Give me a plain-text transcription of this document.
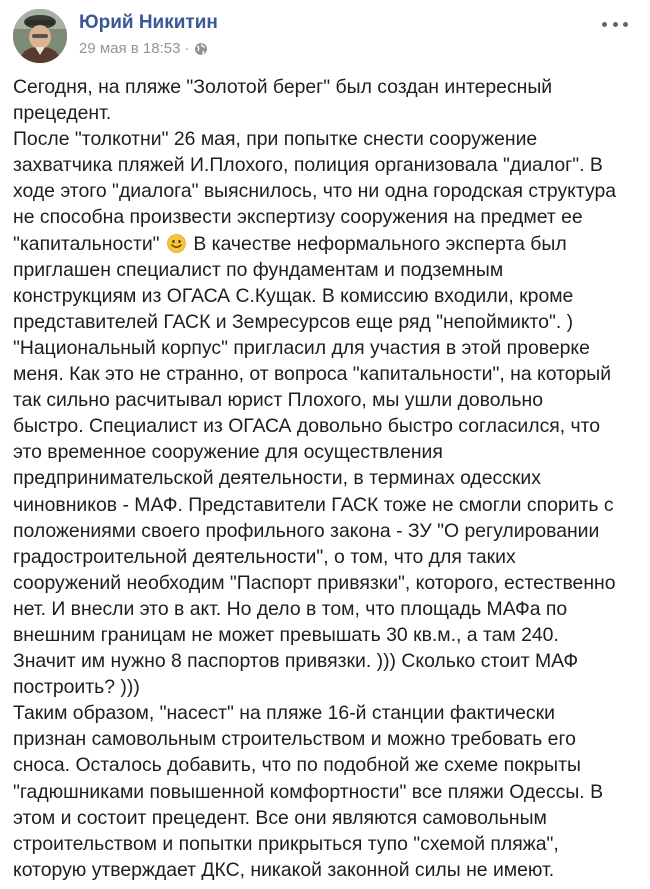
Юрий Никитин
29 мая в 18:53 ·
Сегодня, на пляже "Золотой берег" был создан интересный
прецедент.
После "толкотни" 26 мая, при попытке снести сооружение
захватчика пляжей И.Плохого, полиция организовала "диалог". В
ходе этого "диалога" выяснилось, что ни одна городская структура
не способна произвести экспертизу сооружения на предмет ее
"капитальности" В качестве неформального эксперта был
приглашен специалист по фундаментам и подземным
конструкциям из ОГАСА С.Кущак. В комиссию входили, кроме
представителей ГАСК и Земресурсов еще ряд "непоймикто". )
"Национальный корпус" пригласил для участия в этой проверке
меня. Как это не странно, от вопроса "капитальности", на который
так сильно расчитывал юрист Плохого, мы ушли довольно
быстро. Специалист из ОГАСА довольно быстро согласился, что
это временное сооружение для осуществления
предпринимательской деятельности, в терминах одесских
чиновников - МАФ. Представители ГАСК тоже не смогли спорить с
положениями своего профильного закона - ЗУ "О регулировании
градостроительной деятельности", о том, что для таких
сооружений необходим "Паспорт привязки", которого, естественно
нет. И внесли это в акт. Но дело в том, что площадь МАФа по
внешним границам не может превышать 30 кв.м., а там 240.
Значит им нужно 8 паспортов привязки. ))) Сколько стоит МАФ
построить? )))
Таким образом, "насест" на пляже 16-й станции фактически
признан самовольным строительством и можно требовать его
сноса. Осталось добавить, что по подобной же схеме покрыты
"гадюшниками повышенной комфортности" все пляжи Одессы. В
этом и состоит прецедент. Все они являются самовольным
строительством и попытки прикрыться тупо "схемой пляжа",
которую утверждает ДКС, никакой законной силы не имеют.
